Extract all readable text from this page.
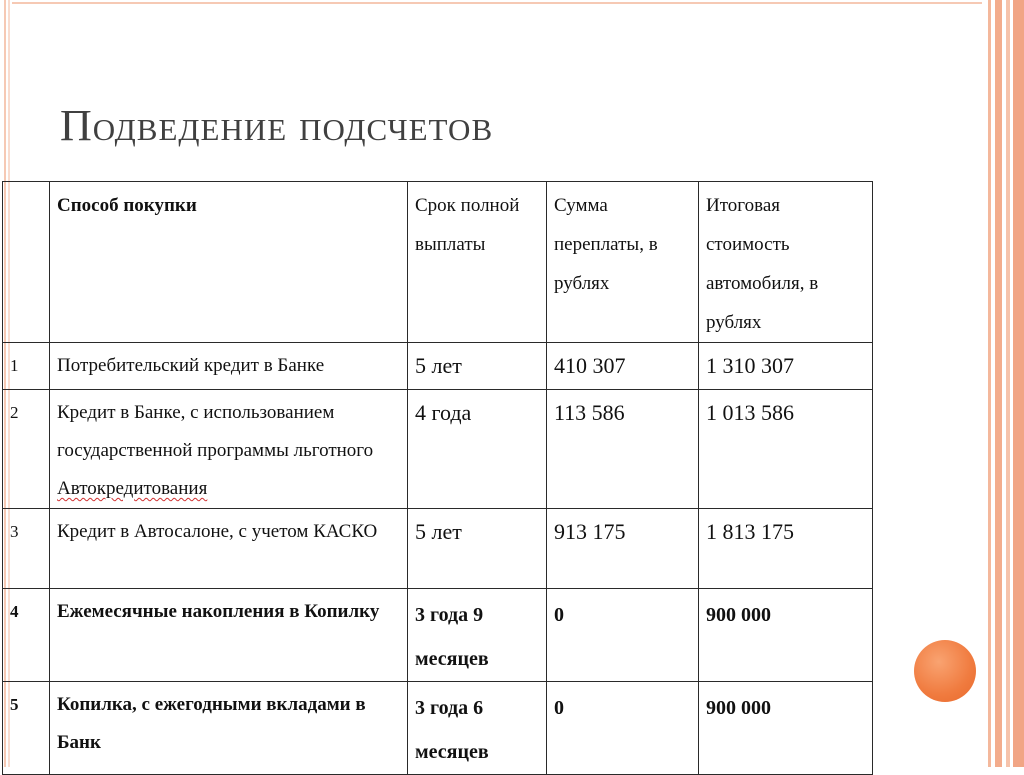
Подведение подсчетов
	Способ покупки	Срок полной выплаты	Сумма переплаты, в рублях	Итоговая стоимость автомобиля, в рублях
1	Потребительский кредит в Банке	5 лет	410 307	1 310 307
2	Кредит в Банке, с использованием государственной программы льготного Автокредитования	4 года	113 586	1 013 586
3	Кредит в Автосалоне, с учетом КАСКО	5 лет	913 175	1 813 175
4	Ежемесячные накопления в Копилку	3 года 9 месяцев	0	900 000
5	Копилка, с ежегодными вкладами в Банк	3 года 6 месяцев	0	900 000
